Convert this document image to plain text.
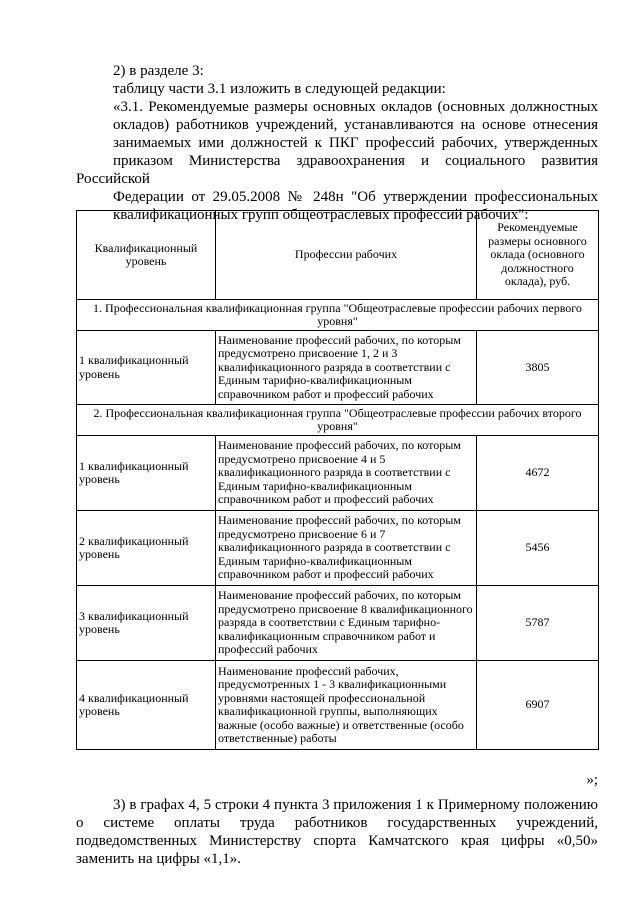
2) в разделе 3:
таблицу части 3.1 изложить в следующей редакции:
«3.1. Рекомендуемые размеры основных окладов (основных должностных
окладов) работников учреждений, устанавливаются на основе отнесения
занимаемых ими должностей к ПКГ профессий рабочих, утвержденных
приказом Министерства здравоохранения и социального развития Российской
Федерации от 29.05.2008 № 248н "Об утверждении профессиональных
квалификационных групп общеотраслевых профессий рабочих":
Квалификационный уровень	Профессии рабочих	Рекомендуемые размеры основного оклада (основного должностного оклада), руб.
1. Профессиональная квалификационная группа "Общеотраслевые профессии рабочих первого уровня"		
1 квалификационный уровень	Наименование профессий рабочих, по которым предусмотрено присвоение 1, 2 и 3 квалификационного разряда в соответствии с Единым тарифно-квалификационным справочником работ и профессий рабочих	3805
2. Профессиональная квалификационная группа "Общеотраслевые профессии рабочих второго уровня"		
1 квалификационный уровень	Наименование профессий рабочих, по которым предусмотрено присвоение 4 и 5 квалификационного разряда в соответствии с Единым тарифно-квалификационным справочником работ и профессий рабочих	4672
2 квалификационный уровень	Наименование профессий рабочих, по которым предусмотрено присвоение 6 и 7 квалификационного разряда в соответствии с Единым тарифно-квалификационным справочником работ и профессий рабочих	5456
3 квалификационный уровень	Наименование профессий рабочих, по которым предусмотрено присвоение 8 квалификационного разряда в соответствии с Единым тарифно-квалификационным справочником работ и профессий рабочих	5787
4 квалификационный уровень	Наименование профессий рабочих, предусмотренных 1 - 3 квалификационными уровнями настоящей профессиональной квалификационной группы, выполняющих важные (особо важные) и ответственные (особо ответственные) работы	6907
»;
3) в графах 4, 5 строки 4 пункта 3 приложения 1 к Примерному положению
о системе оплаты труда работников государственных учреждений,
подведомственных Министерству спорта Камчатского края цифры «0,50»
заменить на цифры «1,1».
